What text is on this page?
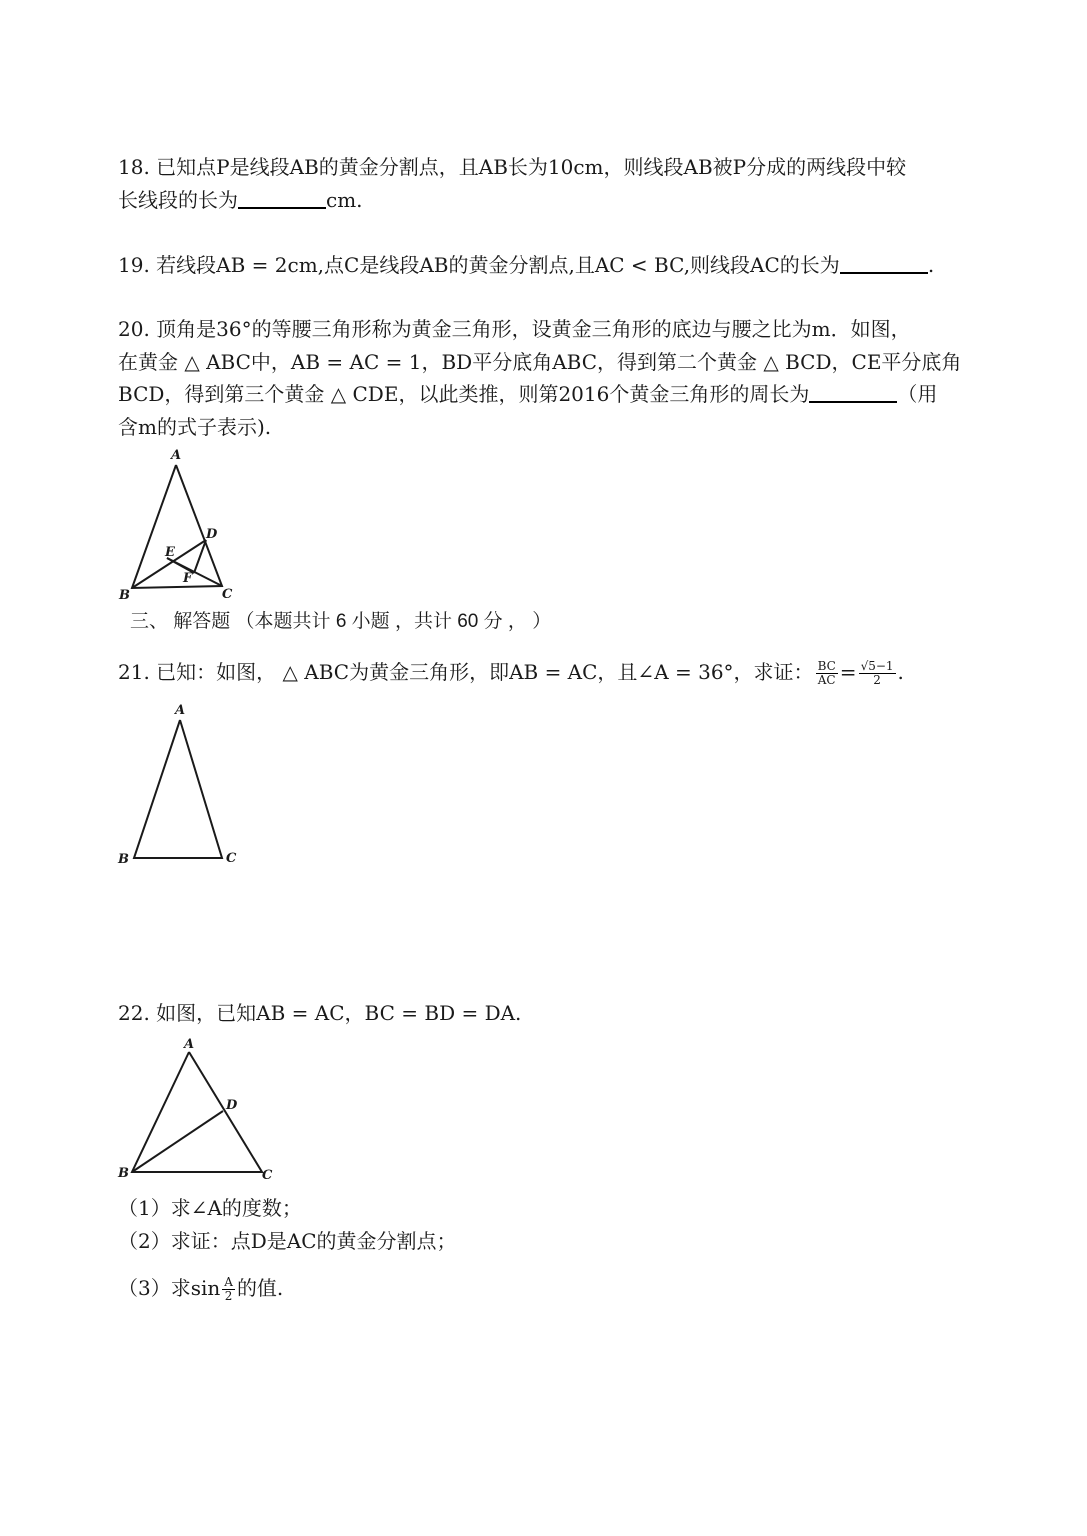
18. 已知点P是线段AB的黄金分割点，且AB长为10cm，则线段AB被P分成的两线段中较
长线段的长为	cm.
19. 若线段AB = 2cm,点C是线段AB的黄金分割点,且AC < BC,则线段AC的长为	.
20. 顶角是36°的等腰三角形称为黄金三角形，设黄金三角形的底边与腰之比为m．如图，
在黄金 △ ABC中，AB = AC = 1，BD平分底角ABC，得到第二个黄金 △ BCD，CE平分底角
BCD，得到第三个黄金 △ CDE，以此类推，则第2016个黄金三角形的周长为	（用
含m的式子表示).
A
B	C
D
E
F
三、 解答题 （本题共计 6 小题 ，共计 60 分 ， ）
21. 已知：如图， △ ABC为黄金三角形，即AB = AC，且∠A = 36°，求证： $\frac{BC}{AC} = \frac{√5-1}{2}$ .
A
B	C
22. 如图，已知AB = AC，BC = BD = DA.
A
B	C
D
（1）求∠A的度数；
（2）求证：点D是AC的黄金分割点；
（3）求$\sin \frac{A}{2}$ 的值.
